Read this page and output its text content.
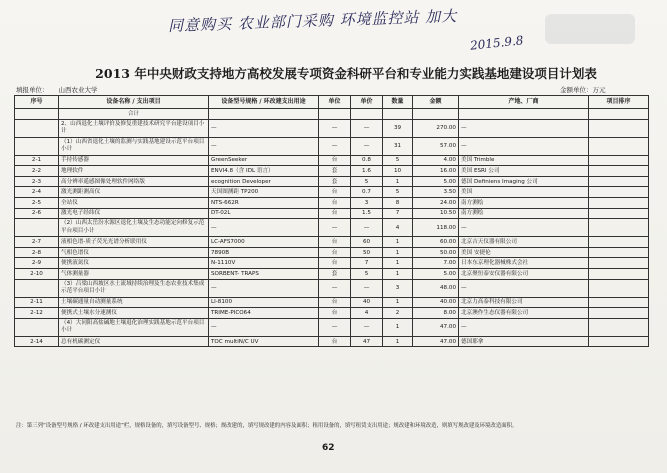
同意购买 农业部门采购 环境监控站 加大
2015.9.8
2013 年中央财政支持地方高校发展专项资金科研平台和专业能力实践基地建设项目计划表
填报单位： 山西农业大学	金额单位：万元
序号	设备名称 / 支出项目	设备型号规格 / 环改建支出用途	单位	单价	数量	金额	产地、厂商	项目排序
	合计							
	2、山西退化土壤评价及修复重建技术研究平台建设项目小计	—	—	—	39	270.00	—	
	（1）山西省退化土壤的监测与实践基地建设示范平台项目小计	—	—	—	31	57.00	—	
2-1	手持传感器	GreenSeeker	台	0.8	5	4.00	美国 Trimble	
2-2	地理软件	ENVI4.8（含 IDL 语言）	套	1.6	10	16.00	美国 ESRI 公司	
2-3	高分辨率遥感图像处理软件网络版	ecognition Developer	套	5	1	5.00	德国 Definiens Imaging 公司	
2-4	激光测距测高仪	天国图测距 TP200	台	0.7	5	3.50	美国	
2-5	全站仪	NTS-662R	台	3	8	24.00	南方测绘	
2-6	激光电子经纬仪	DT-02L	台	1.5	7	10.50	南方测绘	
	（2）山西太岳汾水源区退化土壤及生态功能定向修复示范平台项目小计	—	—	—	4	118.00	—	
2-7	液相色谱-质子荧光光谱分析联用仪	LC-AFS7000	台	60	1	60.00	北京吉天仪器有限公司	
2-8	气相色谱仪	7890B	台	50	1	50.00	美国 安捷伦	
2-9	便携液氮仪	N-1110V	台	7	1	7.00	日本东京理化器械株式会社	
2-10	气体测量器	SORBENT- TRAPS	套	5	1	5.00	北京聚恒泰安仪器有限公司	
	（3）吕梁山西坡区水土流域持续治理及生态农业技术集成示范平台项目小计	—	—	—	3	48.00	—	
2-11	土壤碳通量自动测量系统	LI-8100	台	40	1	40.00	北京力高泰科技有限公司	
2-12	便携式土壤水分速测仪	TRIME-PICO64	台	4	2	8.00	北京澳作生态仪器有限公司	
	（4）大同阳高盐碱地土壤退化治理实践基地示范平台项目小计	—	—	—	1	47.00	—	
2-14	总有机碳测定仪	TOC multiN/C UV	台	47	1	47.00	德国耶拿	
注：第三列“设备型号规格 / 环改建支出用途”栏，规格设备的，填写设备型号、规格；规改建的，填写规改建的内容及面积；租用设备的，填写租赁支出用途；规改建和环境改造，则填写规改建及环境改造面积。
62
